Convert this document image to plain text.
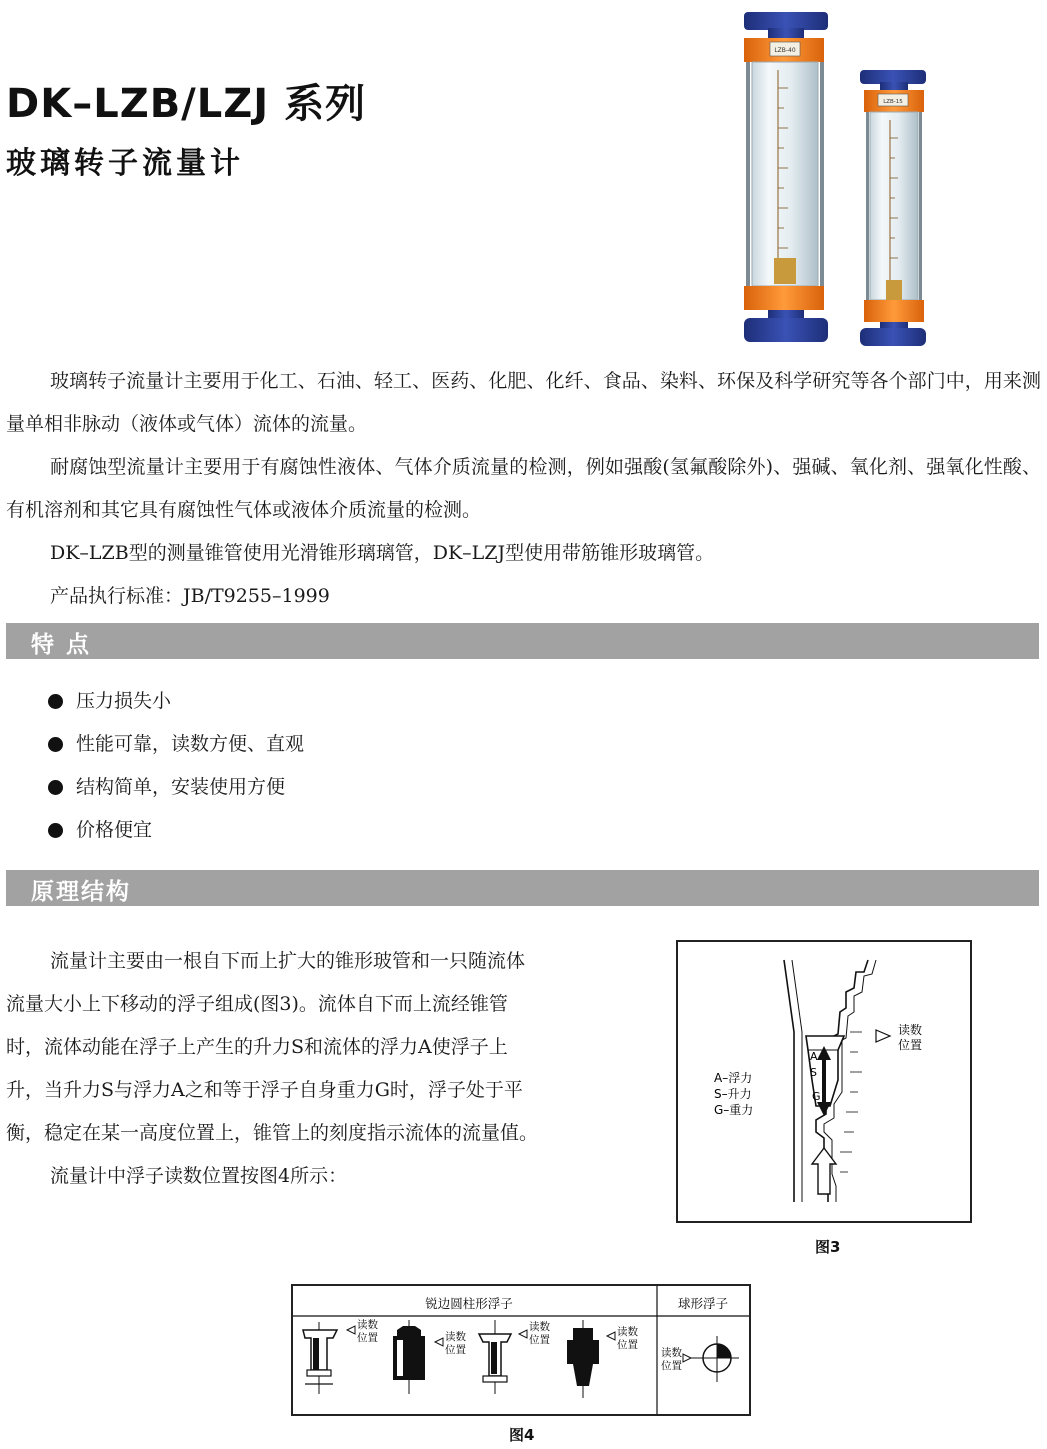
DK–LZB/LZJ 系列
玻璃转子流量计
LZB-40
LZB-15

玻璃转子流量计主要用于化工、石油、轻工、医药、化肥、化纤、食品、染料、环保及科学研究等各个部门中，用来测量单相非脉动（液体或气体）流体的流量。

耐腐蚀型流量计主要用于有腐蚀性液体、气体介质流量的检测，例如强酸(氢氟酸除外)、强碱、氧化剂、强氧化性酸、有机溶剂和其它具有腐蚀性气体或液体介质流量的检测。

DK–LZB型的测量锥管使用光滑锥形璃璃管，DK–LZJ型使用带筋锥形玻璃管。

产品执行标准：JB/T9255–1999

特 点
压力损失小
性能可靠，读数方便、直观
结构简单，安装使用方便
价格便宜
原理结构

流量计主要由一根自下而上扩大的锥形玻管和一只随流体流量大小上下移动的浮子组成(图3)。流体自下而上流经锥管时，流体动能在浮子上产生的升力S和流体的浮力A使浮子上升，当升力S与浮力A之和等于浮子自身重力G时，浮子处于平衡，稳定在某一高度位置上，锥管上的刻度指示流体的流量值。

流量计中浮子读数位置按图4所示：

A
S
G
读数
位置
A–浮力
S–升力
G–重力
图3
锐边圆柱形浮子	球形浮子
读数
位置	读数
位置
读数
位置
读数
位置
读数
位置
图4
